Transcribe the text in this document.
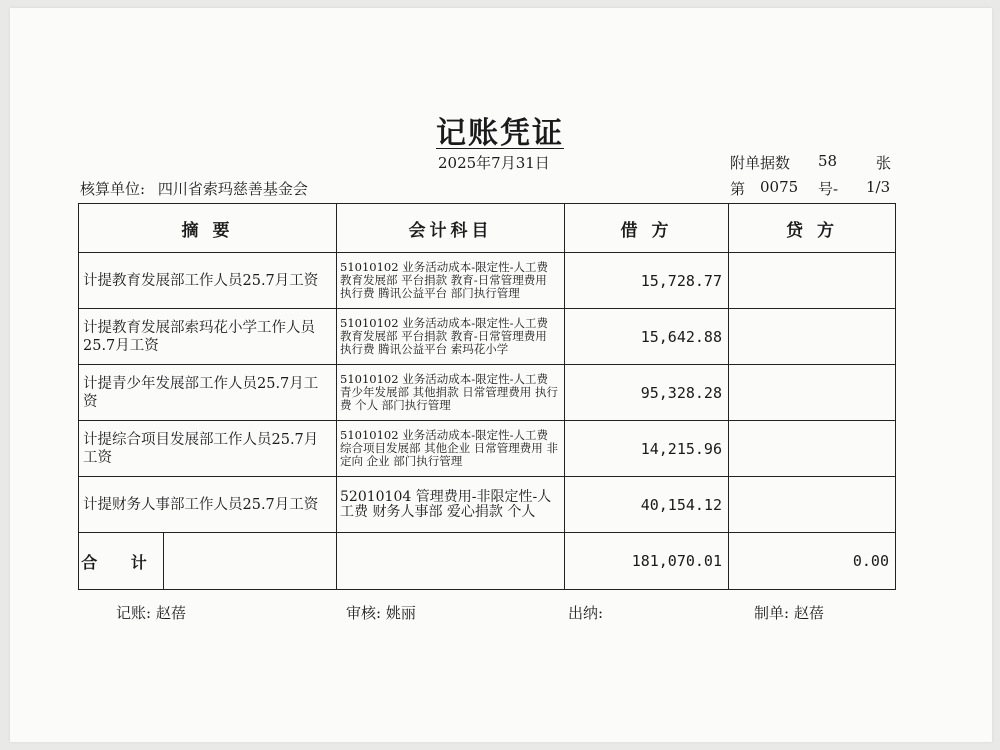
记账凭证
2025年7月31日	附单据数 58	张
核算单位: 四川省索玛慈善基金会	第 0075 号- 1/3
摘 要	会计科目	借 方	贷 方
计提教育发展部工作人员25.7月工资	51010102 业务活动成本-限定性-人工费 教育发展部 平台捐款 教育-日常管理费用 执行费 腾讯公益平台 部门执行管理	15,728.77	
计提教育发展部索玛花小学工作人员25.7月工资	51010102 业务活动成本-限定性-人工费 教育发展部 平台捐款 教育-日常管理费用 执行费 腾讯公益平台 索玛花小学	15,642.88	
计提青少年发展部工作人员25.7月工资	51010102 业务活动成本-限定性-人工费 青少年发展部 其他捐款 日常管理费用 执行费 个人 部门执行管理	95,328.28	
计提综合项目发展部工作人员25.7月工资	51010102 业务活动成本-限定性-人工费 综合项目发展部 其他企业 日常管理费用 非定向 企业 部门执行管理	14,215.96	
计提财务人事部工作人员25.7月工资	52010104 管理费用-非限定性-人工费 财务人事部 爱心捐款 个人	40,154.12	

合 计		181,070.01	0.00
记账: 赵蓓	审核: 姚丽	出纳:	制单: 赵蓓
